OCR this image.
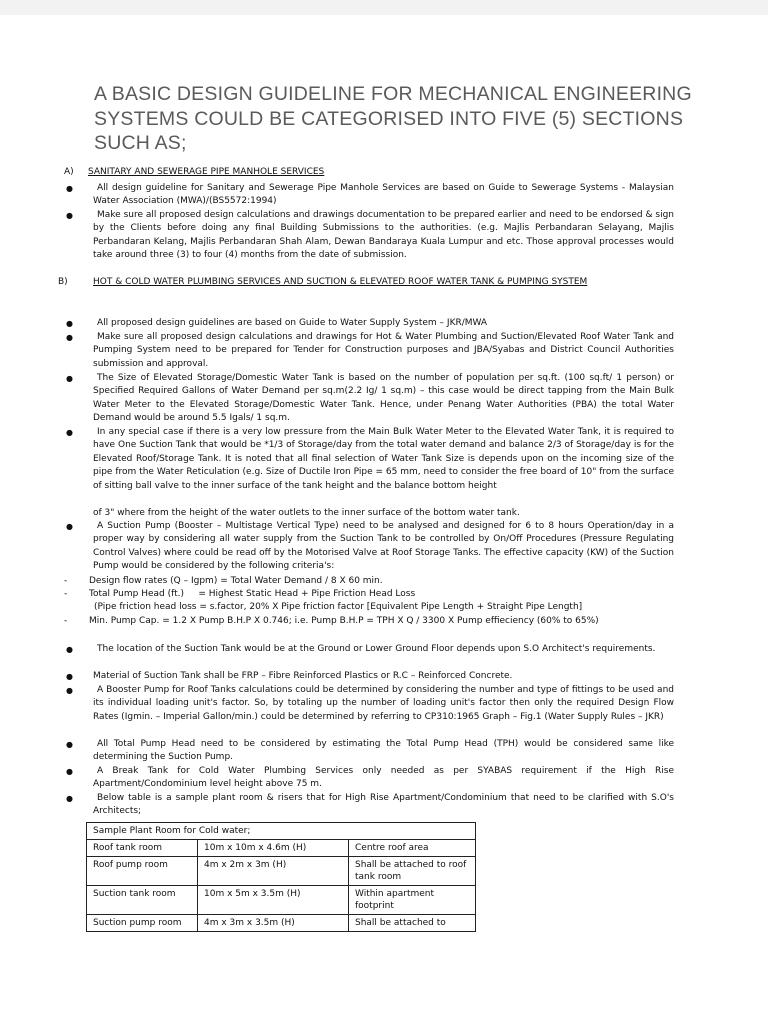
A BASIC DESIGN GUIDELINE FOR MECHANICAL ENGINEERING SYSTEMS COULD BE CATEGORISED INTO FIVE (5) SECTIONS SUCH AS;
A) SANITARY AND SEWERAGE PIPE MANHOLE SERVICES
●	All design guideline for Sanitary and Sewerage Pipe Manhole Services are based on Guide to Sewerage Systems - Malaysian Water Association (MWA)/(BS5572:1994)
●	Make sure all proposed design calculations and drawings documentation to be prepared earlier and need to be endorsed & sign by the Clients before doing any final Building Submissions to the authorities. (e.g. Majlis Perbandaran Selayang, Majlis Perbandaran Kelang, Majlis Perbandaran Shah Alam, Dewan Bandaraya Kuala Lumpur and etc. Those approval processes would take around three (3) to four (4) months from the date of submission.
B)	HOT & COLD WATER PLUMBING SERVICES AND SUCTION & ELEVATED ROOF WATER TANK & PUMPING SYSTEM
●	All proposed design guidelines are based on Guide to Water Supply System – JKR/MWA
●	Make sure all proposed design calculations and drawings for Hot & Water Plumbing and Suction/Elevated Roof Water Tank and Pumping System need to be prepared for Tender for Construction purposes and JBA/Syabas and District Council Authorities submission and approval.
●	The Size of Elevated Storage/Domestic Water Tank is based on the number of population per sq.ft. (100 sq.ft/ 1 person) or Specified Required Gallons of Water Demand per sq.m(2.2 Ig/ 1 sq.m) – this case would be direct tapping from the Main Bulk Water Meter to the Elevated Storage/Domestic Water Tank. Hence, under Penang Water Authorities (PBA) the total Water Demand would be around 5.5 Igals/ 1 sq.m.
●	In any special case if there is a very low pressure from the Main Bulk Water Meter to the Elevated Water Tank, it is required to have One Suction Tank that would be *1/3 of Storage/day from the total water demand and balance 2/3 of Storage/day is for the Elevated Roof/Storage Tank. It is noted that all final selection of Water Tank Size is depends upon on the incoming size of the pipe from the Water Reticulation (e.g. Size of Ductile Iron Pipe = 65 mm, need to consider the free board of 10" from the surface of sitting ball valve to the inner surface of the tank height and the balance bottom height
of 3" where from the height of the water outlets to the inner surface of the bottom water tank.
●	A Suction Pump (Booster – Multistage Vertical Type) need to be analysed and designed for 6 to 8 hours Operation/day in a proper way by considering all water supply from the Suction Tank to be controlled by On/Off Procedures (Pressure Regulating Control Valves) where could be read off by the Motorised Valve at Roof Storage Tanks. The effective capacity (KW) of the Suction Pump would be considered by the following criteria's:
- Design flow rates (Q – Igpm) = Total Water Demand / 8 X 60 min.
- Total Pump Head (ft.)     = Highest Static Head + Pipe Friction Head Loss
(Pipe friction head loss = s.factor, 20% X Pipe friction factor [Equivalent Pipe Length + Straight Pipe Length]
- Min. Pump Cap. = 1.2 X Pump B.H.P X 0.746; i.e. Pump B.H.P = TPH X Q / 3300 X Pump effieciency (60% to 65%)
●	The location of the Suction Tank would be at the Ground or Lower Ground Floor depends upon S.O Architect's requirements.
● Material of Suction Tank shall be FRP – Fibre Reinforced Plastics or R.C – Reinforced Concrete.
●	A Booster Pump for Roof Tanks calculations could be determined by considering the number and type of fittings to be used and its individual loading unit's factor. So, by totaling up the number of loading unit's factor then only the required Design Flow Rates (Igmin. – Imperial Gallon/min.) could be determined by referring to CP310:1965 Graph – Fig.1 (Water Supply Rules – JKR)
●	All Total Pump Head need to be considered by estimating the Total Pump Head (TPH) would be considered same like determining the Suction Pump.
●	A Break Tank for Cold Water Plumbing Services only needed as per SYABAS requirement if the High Rise Apartment/Condominium level height above 75 m.
●	Below table is a sample plant room & risers that for High Rise Apartment/Condominium that need to be clarified with S.O's Architects;
Sample Plant Room for Cold water;		
Roof tank room	10m x 10m x 4.6m (H)	Centre roof area
Roof pump room	4m x 2m x 3m (H)	Shall be attached to roof tank room
Suction tank room	10m x 5m x 3.5m (H)	Within apartment footprint
Suction pump room	4m x 3m x 3.5m (H)	Shall be attached to
